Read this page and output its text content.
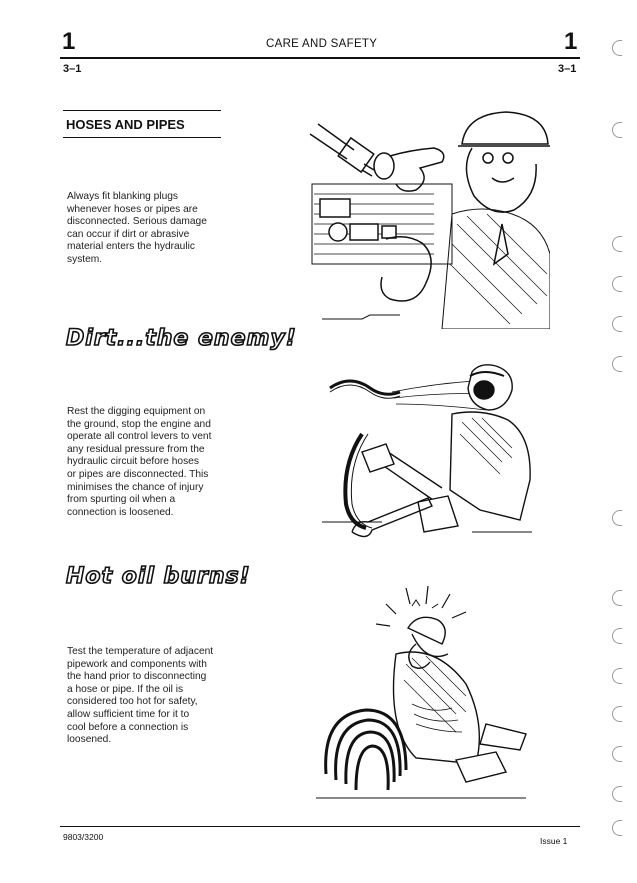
1	CARE AND SAFETY	1
3–1	3–1
HOSES AND PIPES
Always fit blanking plugs
whenever hoses or pipes are
disconnected. Serious damage
can occur if dirt or abrasive
material enters the hydraulic
system.
Dirt...the enemy!
Rest the digging equipment on
the ground, stop the engine and
operate all control levers to vent
any residual pressure from the
hydraulic circuit before hoses
or pipes are disconnected. This
minimises the chance of injury
from spurting oil when a
connection is loosened.
Hot oil burns!
Test the temperature of adjacent
pipework and components with
the hand prior to disconnecting
a hose or pipe. If the oil is
considered too hot for safety,
allow sufficient time for it to
cool before a connection is
loosened.
9803/3200	Issue 1
